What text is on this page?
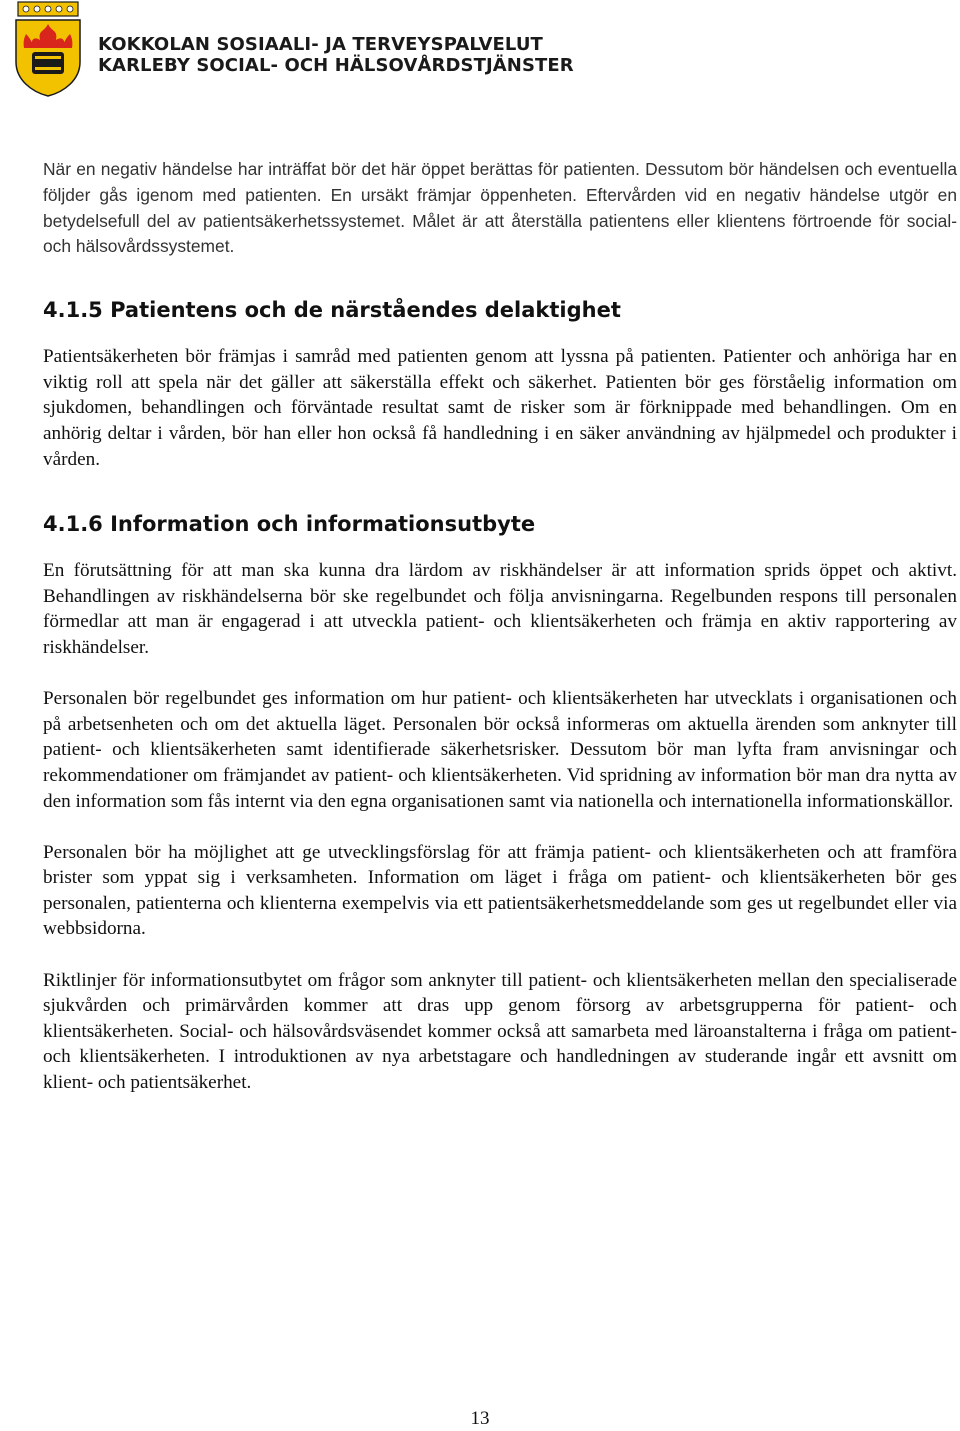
KOKKOLAN SOSIAALI- JA TERVEYSPALVELUT
KARLEBY SOCIAL- OCH HÄLSOVÅRDSTJÄNSTER

När en negativ händelse har inträffat bör det här öppet berättas för patienten. Dessutom bör händelsen och eventuella följder gås igenom med patienten. En ursäkt främjar öppenheten. Eftervården vid en negativ händelse utgör en betydelsefull del av patientsäkerhetssystemet. Målet är att återställa patientens eller klientens förtroende för social- och hälsovårdssystemet.

4.1.5 Patientens och de närståendes delaktighet

Patientsäkerheten bör främjas i samråd med patienten genom att lyssna på patienten. Patienter och anhöriga har en viktig roll att spela när det gäller att säkerställa effekt och säkerhet. Patienten bör ges förståelig information om sjukdomen, behandlingen och förväntade resultat samt de risker som är förknippade med behandlingen. Om en anhörig deltar i vården, bör han eller hon också få handledning i en säker användning av hjälpmedel och produkter i vården.

4.1.6 Information och informationsutbyte

En förutsättning för att man ska kunna dra lärdom av riskhändelser är att information sprids öppet och aktivt. Behandlingen av riskhändelserna bör ske regelbundet och följa anvisningarna. Regelbunden respons till personalen förmedlar att man är engagerad i att utveckla patient- och klientsäkerheten och främja en aktiv rapportering av riskhändelser.

Personalen bör regelbundet ges information om hur patient- och klientsäkerheten har utvecklats i organisationen och på arbetsenheten och om det aktuella läget. Personalen bör också informeras om aktuella ärenden som anknyter till patient- och klientsäkerheten samt identifierade säkerhetsrisker. Dessutom bör man lyfta fram anvisningar och rekommendationer om främjandet av patient- och klientsäkerheten. Vid spridning av information bör man dra nytta av den information som fås internt via den egna organisationen samt via nationella och internationella informationskällor.

Personalen bör ha möjlighet att ge utvecklingsförslag för att främja patient- och klientsäkerheten och att framföra brister som yppat sig i verksamheten. Information om läget i fråga om patient- och klientsäkerheten bör ges personalen, patienterna och klienterna exempelvis via ett patientsäkerhetsmeddelande som ges ut regelbundet eller via webbsidorna.

Riktlinjer för informationsutbytet om frågor som anknyter till patient- och klientsäkerheten mellan den specialiserade sjukvården och primärvården kommer att dras upp genom försorg av arbetsgrupperna för patient- och klientsäkerheten. Social- och hälsovårdsväsendet kommer också att samarbeta med läroanstalterna i fråga om patient- och klientsäkerheten. I introduktionen av nya arbetstagare och handledningen av studerande ingår ett avsnitt om klient- och patientsäkerhet.

13
